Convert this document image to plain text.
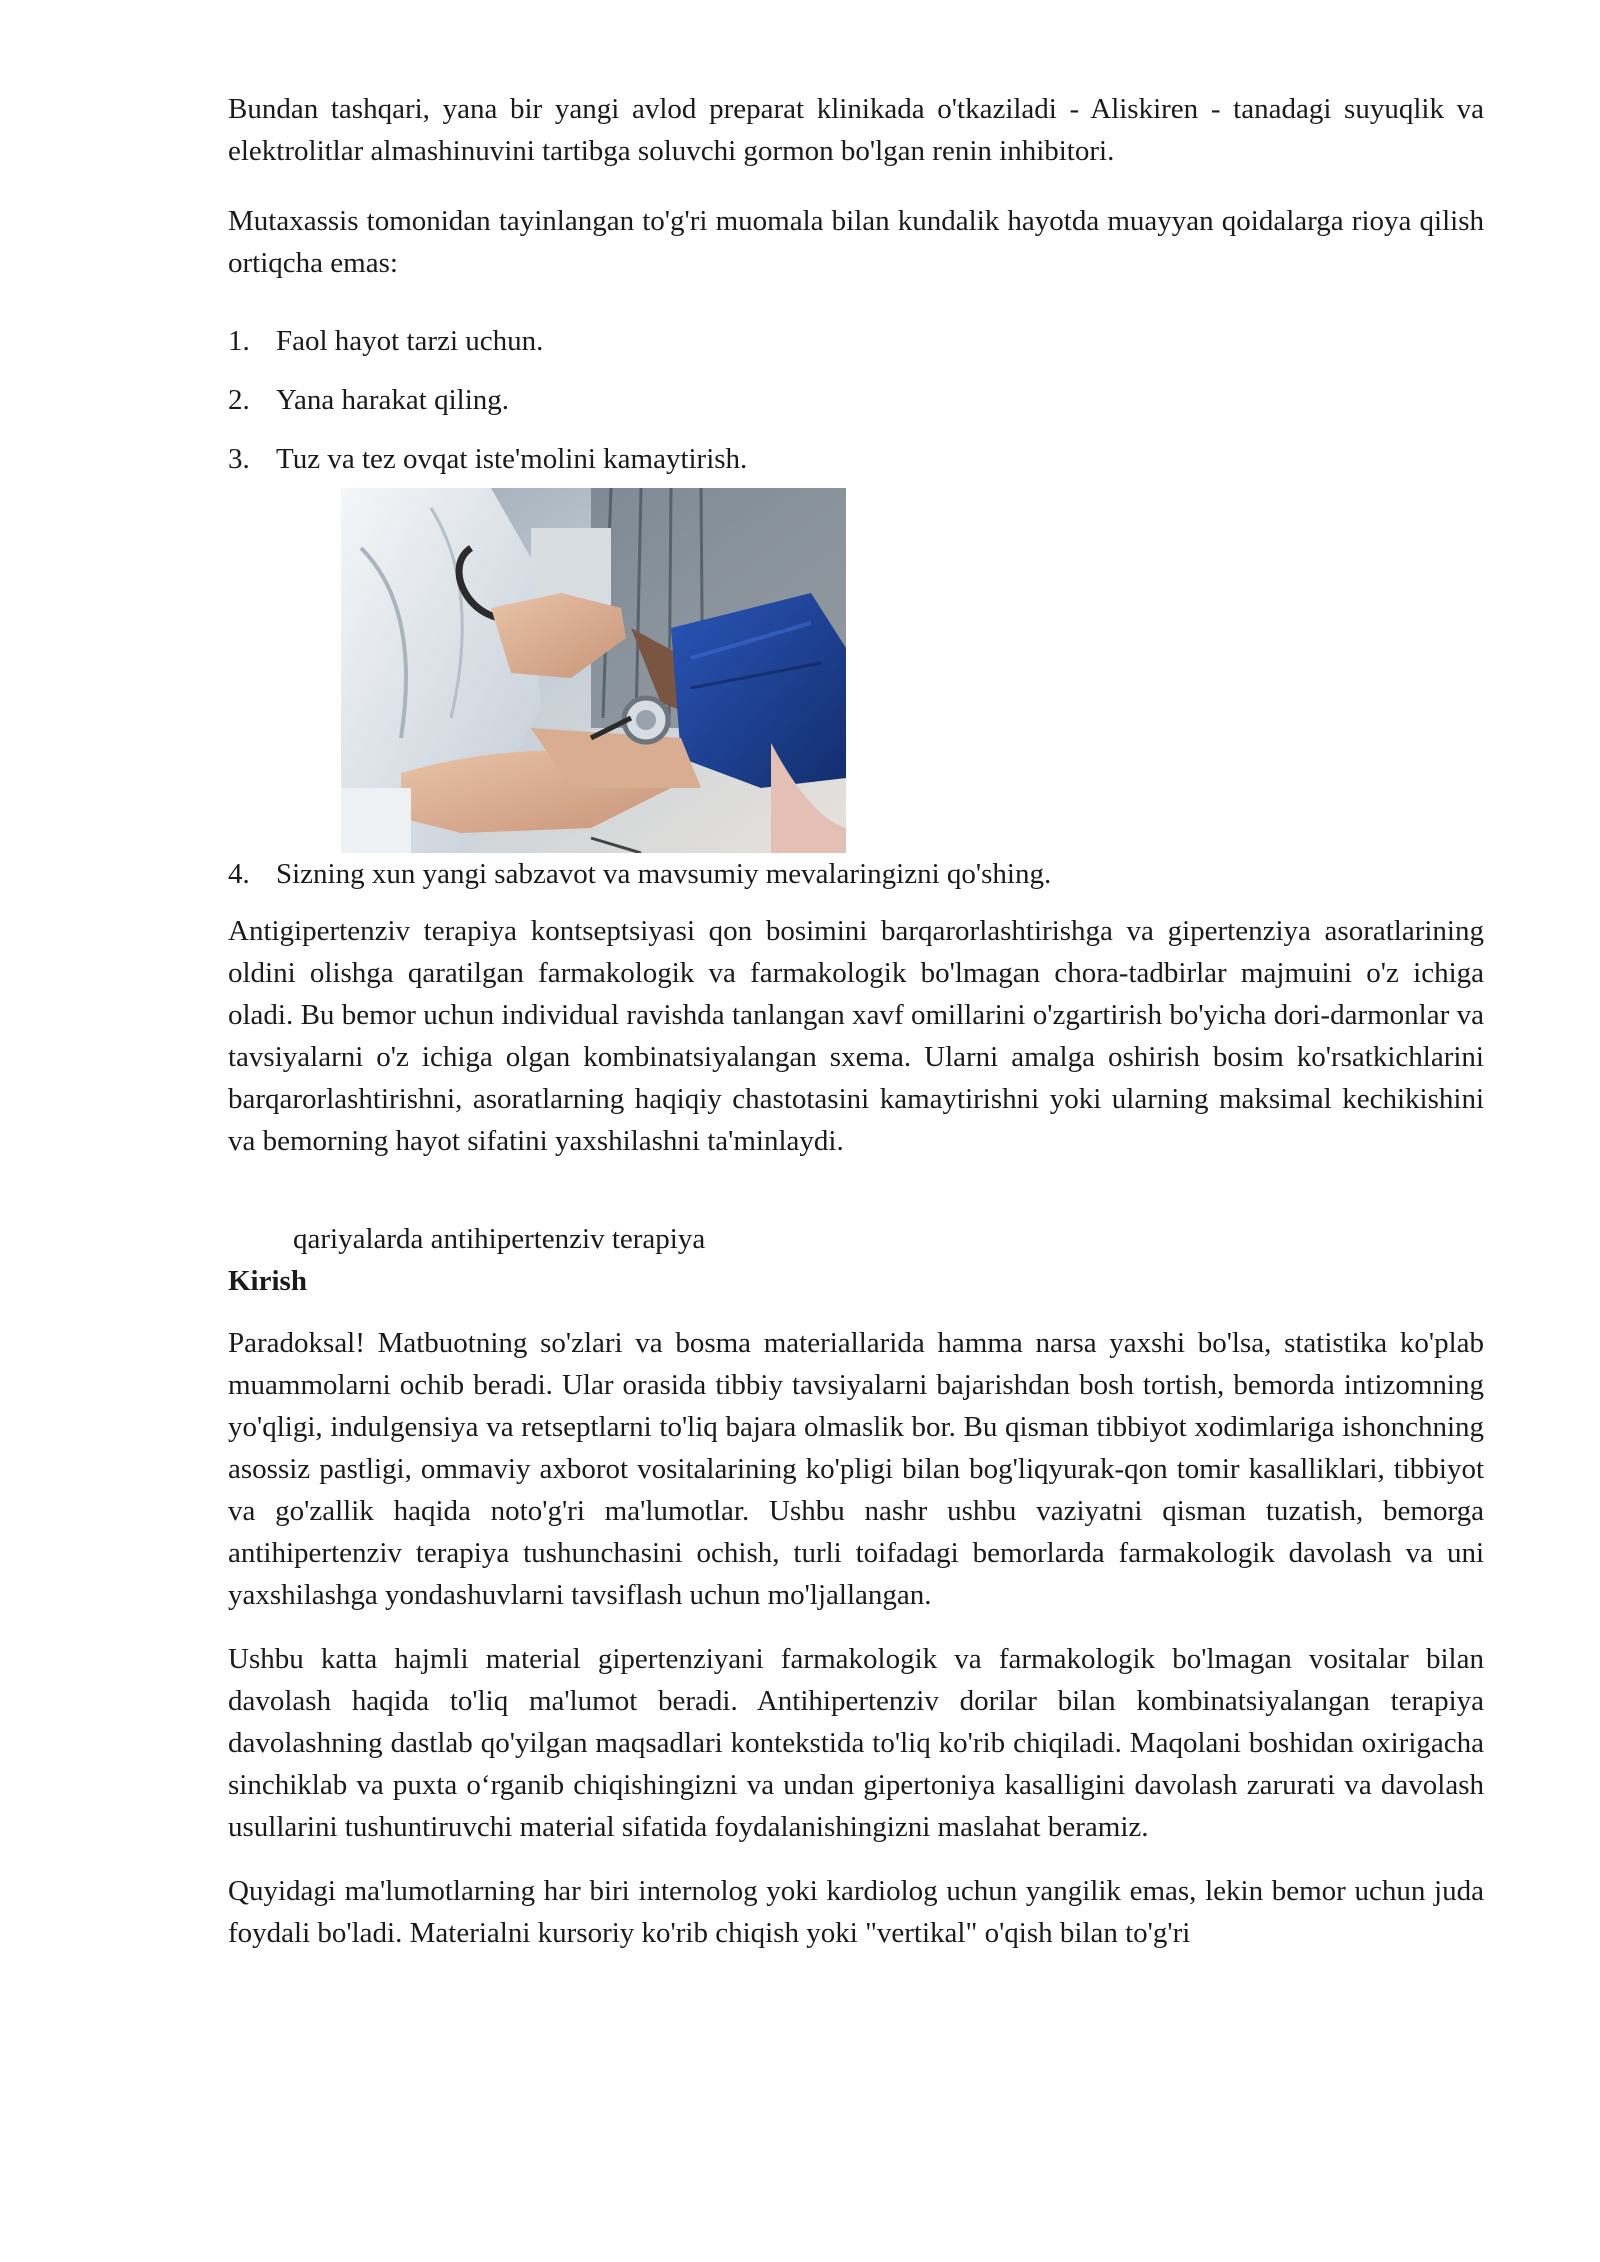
Bundan tashqari, yana bir yangi avlod preparat klinikada o'tkaziladi - Aliskiren - tanadagi suyuqlik va elektrolitlar almashinuvini tartibga soluvchi gormon bo'lgan renin inhibitori.

Mutaxassis tomonidan tayinlangan to'g'ri muomala bilan kundalik hayotda muayyan qoidalarga rioya qilish ortiqcha emas:

1. Faol hayot tarzi uchun.
2. Yana harakat qiling.
3. Tuz va tez ovqat iste'molini kamaytirish.
4. Sizning xun yangi sabzavot va mavsumiy mevalaringizni qo'shing.

Antigipertenziv terapiya kontseptsiyasi qon bosimini barqarorlashtirishga va gipertenziya asoratlarining oldini olishga qaratilgan farmakologik va farmakologik bo'lmagan chora-tadbirlar majmuini o'z ichiga oladi. Bu bemor uchun individual ravishda tanlangan xavf omillarini o'zgartirish bo'yicha dori-darmonlar va tavsiyalarni o'z ichiga olgan kombinatsiyalangan sxema. Ularni amalga oshirish bosim ko'rsatkichlarini barqarorlashtirishni, asoratlarning haqiqiy chastotasini kamaytirishni yoki ularning maksimal kechikishini va bemorning hayot sifatini yaxshilashni ta'minlaydi.

qariyalarda antihipertenziv terapiya
Kirish

Paradoksal! Matbuotning so'zlari va bosma materiallarida hamma narsa yaxshi bo'lsa, statistika ko'plab muammolarni ochib beradi. Ular orasida tibbiy tavsiyalarni bajarishdan bosh tortish, bemorda intizomning yo'qligi, indulgensiya va retseptlarni to'liq bajara olmaslik bor. Bu qisman tibbiyot xodimlariga ishonchning asossiz pastligi, ommaviy axborot vositalarining ko'pligi bilan bog'liqyurak-qon tomir kasalliklari, tibbiyot va go'zallik haqida noto'g'ri ma'lumotlar. Ushbu nashr ushbu vaziyatni qisman tuzatish, bemorga antihipertenziv terapiya tushunchasini ochish, turli toifadagi bemorlarda farmakologik davolash va uni yaxshilashga yondashuvlarni tavsiflash uchun mo'ljallangan.

Ushbu katta hajmli material gipertenziyani farmakologik va farmakologik bo'lmagan vositalar bilan davolash haqida to'liq ma'lumot beradi. Antihipertenziv dorilar bilan kombinatsiyalangan terapiya davolashning dastlab qo'yilgan maqsadlari kontekstida to'liq ko'rib chiqiladi. Maqolani boshidan oxirigacha sinchiklab va puxta o‘rganib chiqishingizni va undan gipertoniya kasalligini davolash zarurati va davolash usullarini tushuntiruvchi material sifatida foydalanishingizni maslahat beramiz.

Quyidagi ma'lumotlarning har biri internolog yoki kardiolog uchun yangilik emas, lekin bemor uchun juda foydali bo'ladi. Materialni kursoriy ko'rib chiqish yoki "vertikal" o'qish bilan to'g'ri
